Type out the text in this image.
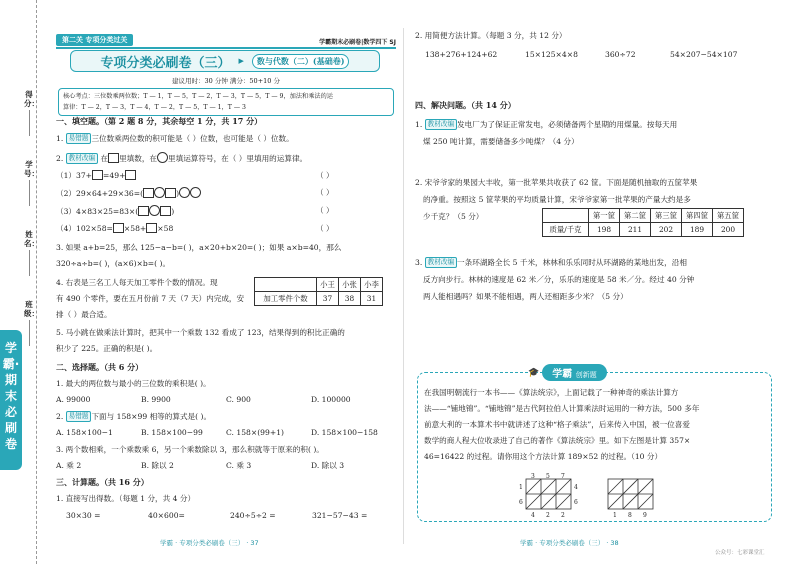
得分：
学号：
姓名：
班级：
学霸·期末必刷卷
第二关 专项分类过关	学霸期末必刷卷|数学四下 SJ
专项分类必刷卷（三） ▶	数与代数（二）(基础卷)
建议用时：30 分钟 满分：50+10 分
核心考点：三位数乘两位数；T — 1，T — 5，T — 2，T — 3，T — 5，T — 9，加法和乘法的运
算律：T — 2，T — 3，T — 4，T — 2，T — 5，T — 1，T — 3
一、填空题。（第 2 题 8 分，其余每空 1 分，共 17 分）
1. 易错题 三位数乘两位数的积可能是（ ）位数，也可能是（ ）位数。
2. 教材改编 在 里填数，在 里填运算符号，在（ ）里填用的运算律。
（1）37+ =49+	（ ）
（2）29×64+29×36=(	)	（ ）
（3）4×83×25=83×(	)	（ ）
（4）102×58= ×58+ ×58	（ ）
3. 如果 a+b=25，那么 125−a−b=( )，a×20+b×20=( )；如果 a×b=40，那么
320÷a÷b=( )，(a×6)×b=( )。
4. 右表是三名工人每天加工零件个数的情况。现
有 490 个零件，要在五月份前 7 天（7 天）内完成，安
排（ ）最合适。
	小王	小张	小李
加工零件个数	37	38	31
5. 马小跳在做乘法计算时，把其中一个乘数 132 看成了 123，结果得到的积比正确的
积少了 225。正确的积是( )。
二、选择题。（共 6 分）
1. 最大的两位数与最小的三位数的乘积是( )。
A. 99000	B. 9900	C. 900	D. 100000
2. 易错题 下面与 158×99 相等的算式是( )。
A. 158×100−1	B. 158×100−99	C. 158×(99+1)	D. 158×100−158
3. 两个数相乘，一个乘数乘 6，另一个乘数除以 3，那么积就等于原来的积( )。
A. 乘 2	B. 除以 2	C. 乘 3	D. 除以 3
三、计算题。（共 16 分）
1. 直接写出得数。（每题 1 分，共 4 分）
30×30 =	40×600=	240÷5÷2 =	321−57−43 =
学霸 · 专项分类必刷卷（三） · 37
2. 用简便方法计算。（每题 3 分，共 12 分）
138+276+124+62	15×125×4×8	360÷72	54×207−54×107
四、解决问题。（共 14 分）
1. 教材改编 发电厂为了保证正常发电，必须储备两个星期的用煤量。按每天用
煤 250 吨计算，需要储备多少吨煤？（4 分）
2. 宋爷爷家的果园大丰收，第一批苹果共收获了 62 筐。下面是随机抽取的五筐苹果
的净重。按照这 5 筐苹果的平均质量计算，宋爷爷家第一批苹果的产量大约是多
少千克？（5 分）
		第一筐	第二筐	第三筐	第四筐	第五筐
质量/千克	198	211	202	189	200
3. 教材改编 一条环湖路全长 5 千米，林林和乐乐同时从环湖路的某地出发，沿相
反方向步行。林林的速度是 62 米／分，乐乐的速度是 58 米／分。经过 40 分钟
两人能相遇吗？如果不能相遇，两人还相距多少米？（5 分）
🎓	学霸 创新题
在我国明朝流行一本书——《算法统宗》，上面记载了一种神奇的乘法计算方
法——“铺地锦”。“铺地锦”是古代阿拉伯人计算乘法时运用的一种方法，500 多年
前意大利的一本算术书中就讲述了这种“格子乘法”，后来传入中国，被一位喜爱
数学的商人程大位收录进了自己的著作《算法统宗》里。如下左图是计算 357×
46=16422 的过程。请你用这个方法计算 189×52 的过程。（10 分）
3 5 7
1
6
4
6
4 2 2	1 8 9
学霸 · 专项分类必刷卷（三） · 38
公众号：七彩课堂汇
